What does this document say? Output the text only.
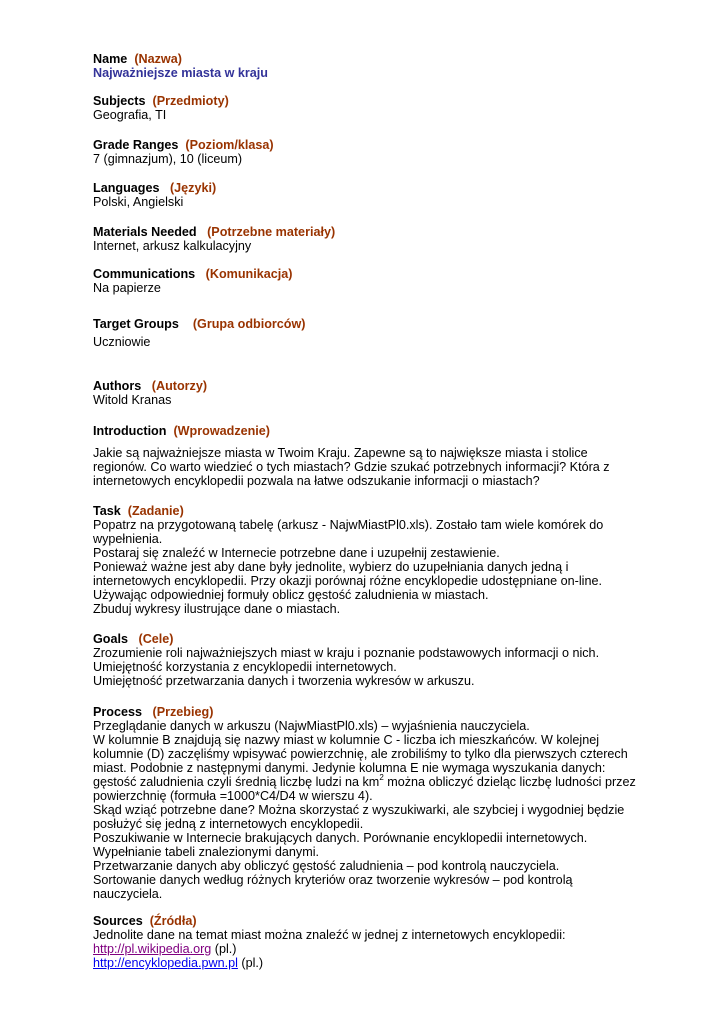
Name (Nazwa)
Najważniejsze miasta w kraju
Subjects (Przedmioty)
Geografia, TI
Grade Ranges (Poziom/klasa)
7 (gimnazjum), 10 (liceum)
Languages (Języki)
Polski, Angielski
Materials Needed (Potrzebne materiały)
Internet, arkusz kalkulacyjny
Communications (Komunikacja)
Na papierze
Target Groups (Grupa odbiorców)
Uczniowie
Authors (Autorzy)
Witold Kranas
Introduction (Wprowadzenie)

Jakie są najważniejsze miasta w Twoim Kraju. Zapewne są to największe miasta i stolice

regionów. Co warto wiedzieć o tych miastach? Gdzie szukać potrzebnych informacji? Która z

internetowych encyklopedii pozwala na łatwe odszukanie informacji o miastach?

Task (Zadanie)

Popatrz na przygotowaną tabelę (arkusz - NajwMiastPl0.xls). Zostało tam wiele komórek do

wypełnienia.

Postaraj się znaleźć w Internecie potrzebne dane i uzupełnij zestawienie.

Ponieważ ważne jest aby dane były jednolite, wybierz do uzupełniania danych jedną i

internetowych encyklopedii. Przy okazji porównaj różne encyklopedie udostępniane on-line.

Używając odpowiedniej formuły oblicz gęstość zaludnienia w miastach.

Zbuduj wykresy ilustrujące dane o miastach.

Goals (Cele)

Zrozumienie roli najważniejszych miast w kraju i poznanie podstawowych informacji o nich.

Umiejętność korzystania z encyklopedii internetowych.

Umiejętność przetwarzania danych i tworzenia wykresów w arkuszu.

Process (Przebieg)

Przeglądanie danych w arkuszu (NajwMiastPl0.xls) – wyjaśnienia nauczyciela.

W kolumnie B znajdują się nazwy miast w kolumnie C - liczba ich mieszkańców. W kolejnej

kolumnie (D) zaczęliśmy wpisywać powierzchnię, ale zrobiliśmy to tylko dla pierwszych czterech

miast. Podobnie z następnymi danymi. Jedynie kolumna E nie wymaga wyszukania danych:

gęstość zaludnienia czyli średnią liczbę ludzi na $km^2$ można obliczyć dzieląc liczbę ludności przez

powierzchnię (formuła =1000*C4/D4 w wierszu 4).

Skąd wziąć potrzebne dane? Można skorzystać z wyszukiwarki, ale szybciej i wygodniej będzie

posłużyć się jedną z internetowych encyklopedii.

Poszukiwanie w Internecie brakujących danych. Porównanie encyklopedii internetowych.

Wypełnianie tabeli znalezionymi danymi.

Przetwarzanie danych aby obliczyć gęstość zaludnienia – pod kontrolą nauczyciela.

Sortowanie danych według różnych kryteriów oraz tworzenie wykresów – pod kontrolą

nauczyciela.

Sources (Źródła)

Jednolite dane na temat miast można znaleźć w jednej z internetowych encyklopedii:

http://pl.wikipedia.org (pl.)

http://encyklopedia.pwn.pl (pl.)
